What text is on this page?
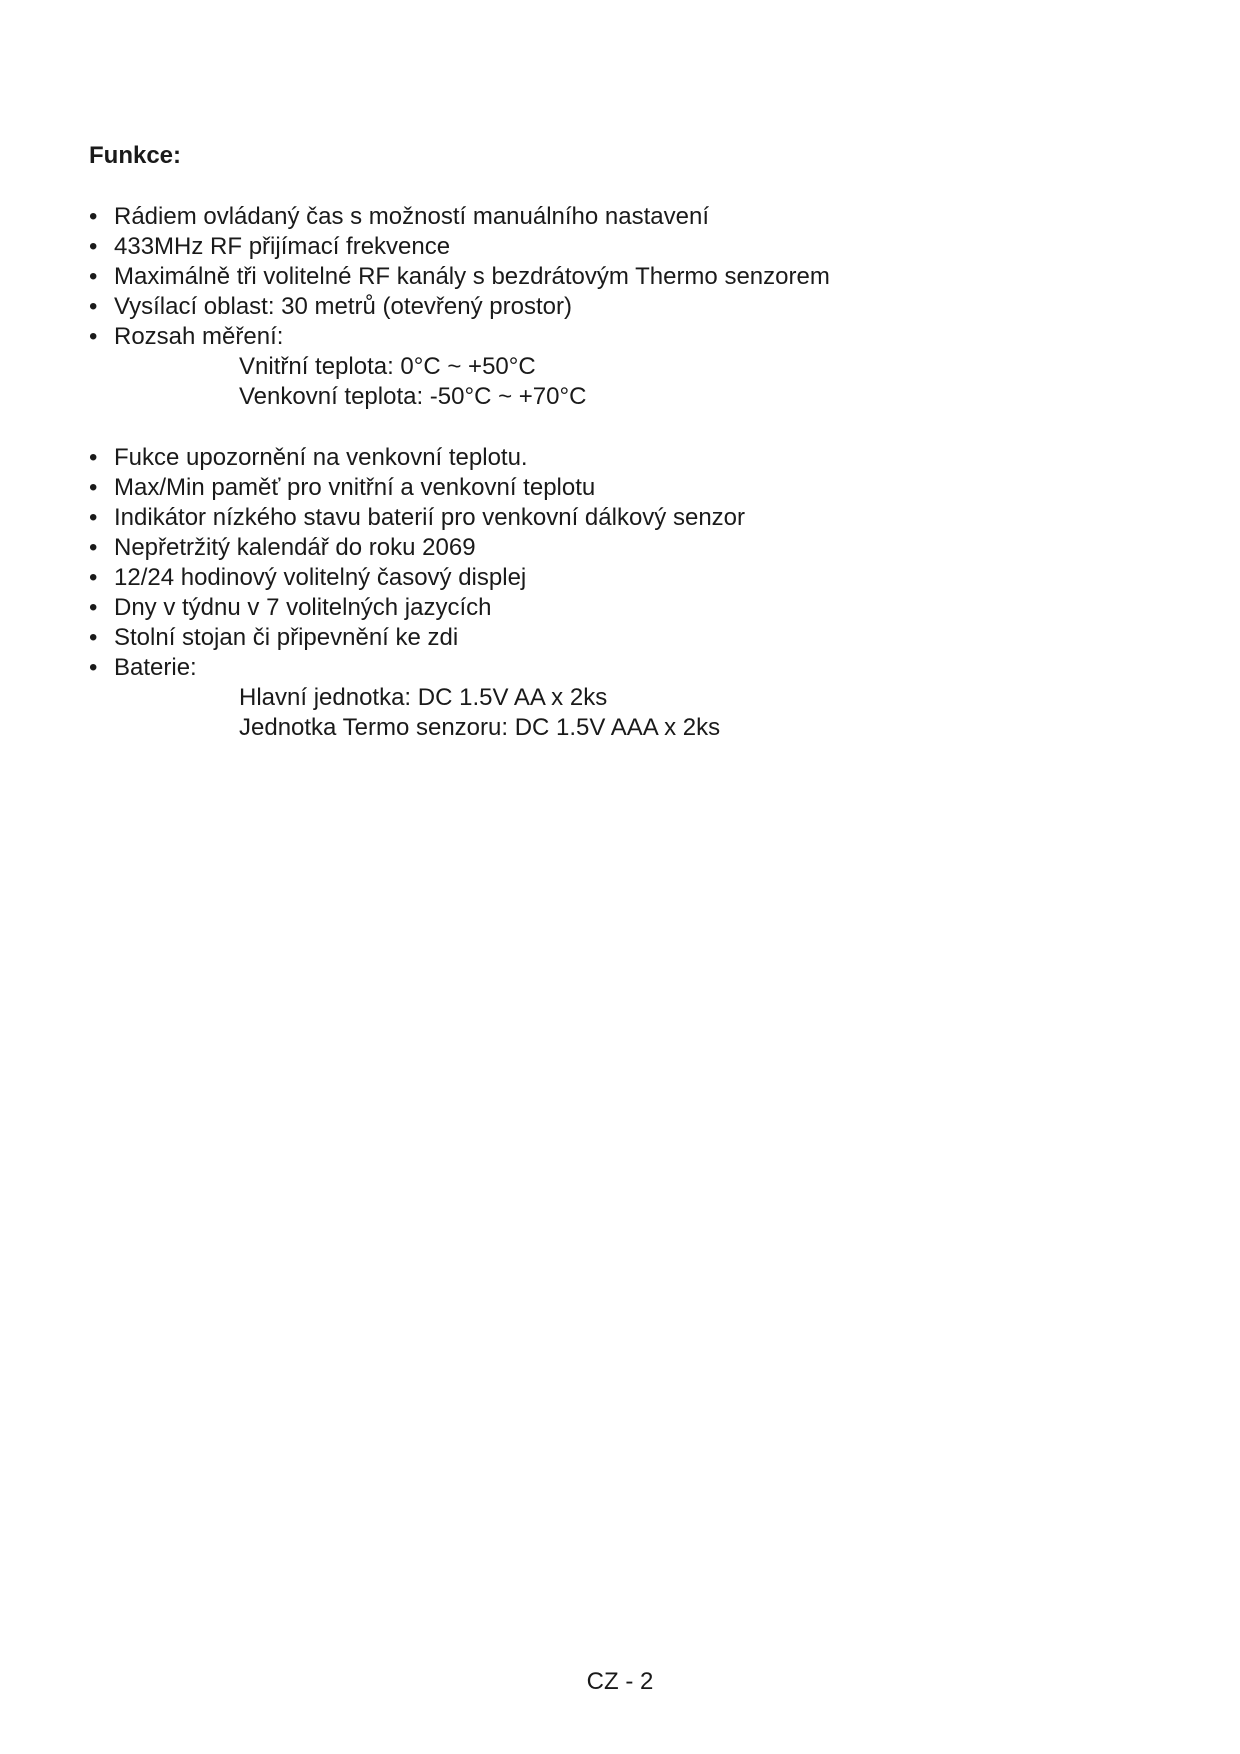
Funkce:
• Rádiem ovládaný čas s možností manuálního nastavení
• 433MHz RF přijímací frekvence
• Maximálně tři volitelné RF kanály s bezdrátovým Thermo senzorem
• Vysílací oblast: 30 metrů (otevřený prostor)
• Rozsah měření:
Vnitřní teplota: 0°C ~ +50°C
Venkovní teplota: -50°C ~ +70°C
• Fukce upozornění na venkovní teplotu.
• Max/Min paměť pro vnitřní a venkovní teplotu
• Indikátor nízkého stavu baterií pro venkovní dálkový senzor
• Nepřetržitý kalendář do roku 2069
• 12/24 hodinový volitelný časový displej
• Dny v týdnu v 7 volitelných jazycích
• Stolní stojan či připevnění ke zdi
• Baterie:
Hlavní jednotka: DC 1.5V AA x 2ks
Jednotka Termo senzoru: DC 1.5V AAA x 2ks
CZ - 2
